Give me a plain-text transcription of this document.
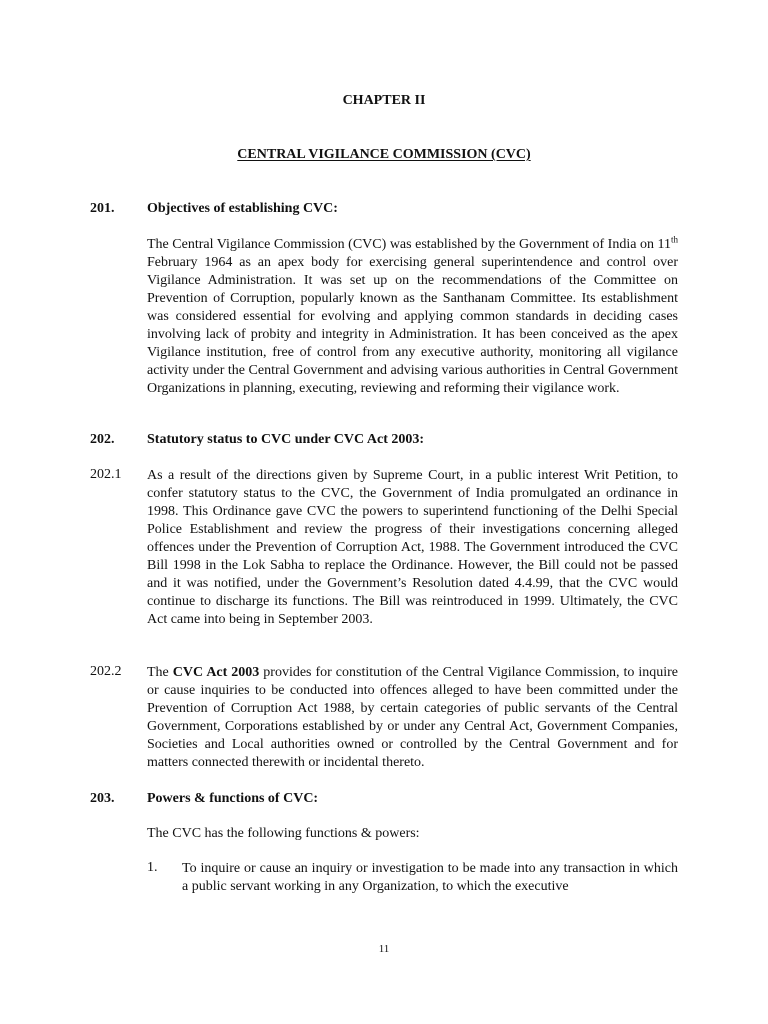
CHAPTER II
CENTRAL VIGILANCE COMMISSION (CVC)
201. Objectives of establishing CVC:
The Central Vigilance Commission (CVC) was established by the Government of India on 11th February 1964 as an apex body for exercising general superintendence and control over Vigilance Administration. It was set up on the recommendations of the Committee on Prevention of Corruption, popularly known as the Santhanam Committee. Its establishment was considered essential for evolving and applying common standards in deciding cases involving lack of probity and integrity in Administration. It has been conceived as the apex Vigilance institution, free of control from any executive authority, monitoring all vigilance activity under the Central Government and advising various authorities in Central Government Organizations in planning, executing, reviewing and reforming their vigilance work.
202. Statutory status to CVC under CVC Act 2003:
202.1 As a result of the directions given by Supreme Court, in a public interest Writ Petition, to confer statutory status to the CVC, the Government of India promulgated an ordinance in 1998. This Ordinance gave CVC the powers to superintend functioning of the Delhi Special Police Establishment and review the progress of their investigations concerning alleged offences under the Prevention of Corruption Act, 1988. The Government introduced the CVC Bill 1998 in the Lok Sabha to replace the Ordinance. However, the Bill could not be passed and it was notified, under the Government’s Resolution dated 4.4.99, that the CVC would continue to discharge its functions. The Bill was reintroduced in 1999. Ultimately, the CVC Act came into being in September 2003.
202.2 The CVC Act 2003 provides for constitution of the Central Vigilance Commission, to inquire or cause inquiries to be conducted into offences alleged to have been committed under the Prevention of Corruption Act 1988, by certain categories of public servants of the Central Government, Corporations established by or under any Central Act, Government Companies, Societies and Local authorities owned or controlled by the Central Government and for matters connected therewith or incidental thereto.
203. Powers & functions of CVC:
The CVC has the following functions & powers:
1. To inquire or cause an inquiry or investigation to be made into any transaction in which a public servant working in any Organization, to which the executive
11
